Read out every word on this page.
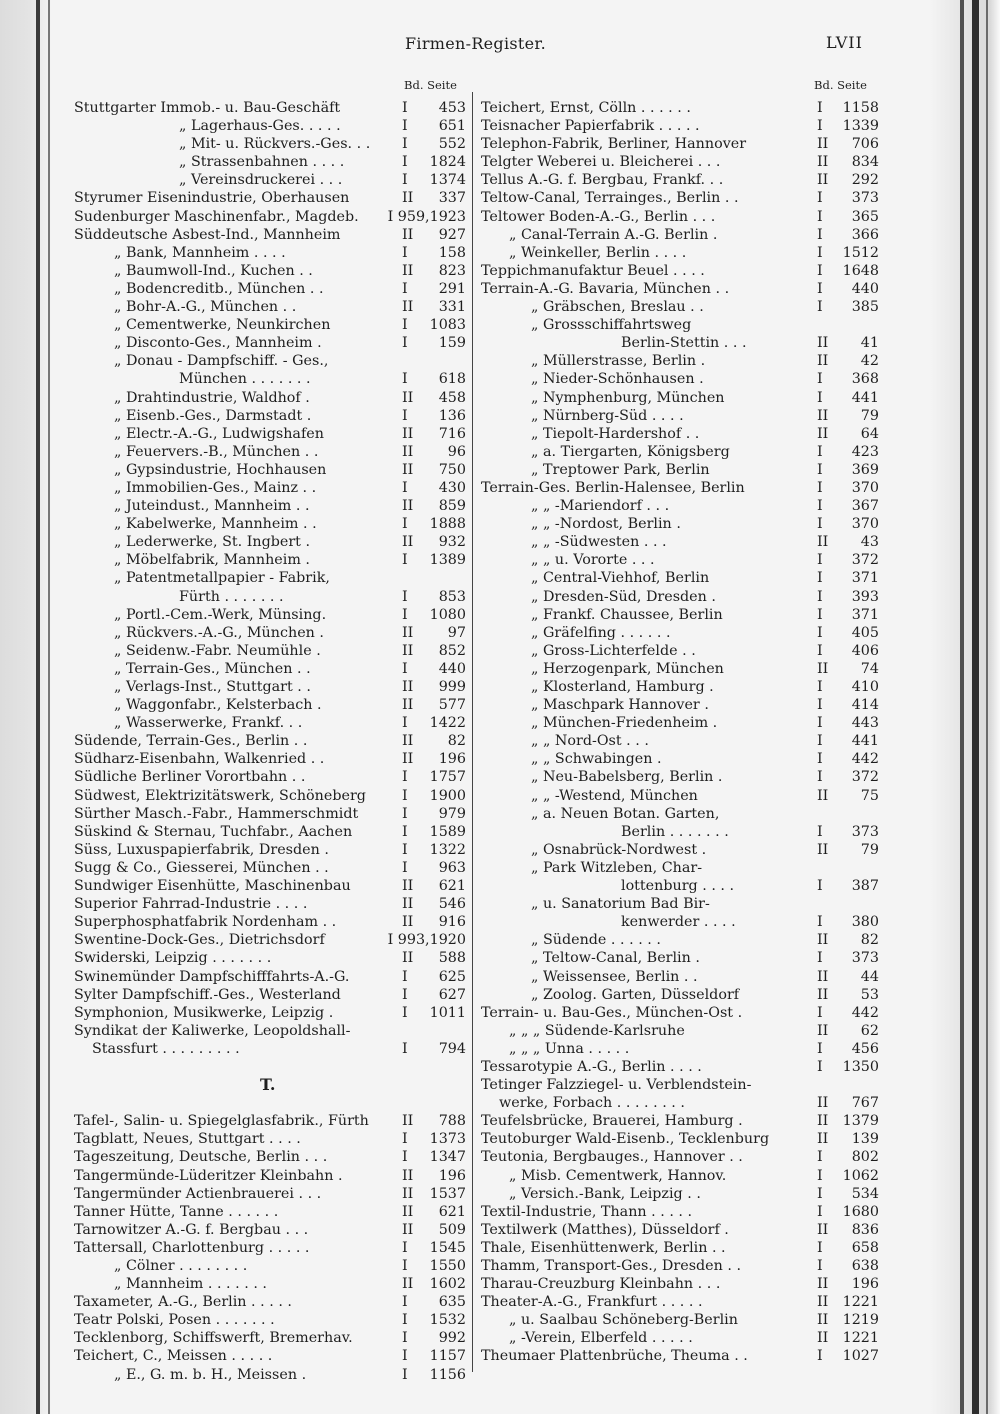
Firmen-Register.	LVII
Bd. Seite	Bd. Seite
Stuttgarter Immob.- u. Bau-Geschäft	I	453
„ Lagerhaus-Ges. . . . .	I	651
„ Mit- u. Rückvers.-Ges. . . I	552
„ Strassenbahnen . . . .	I	1824
„ Vereinsdruckerei . . .	I	1374
Styrumer Eisenindustrie, Oberhausen	II	337
Sudenburger Maschinenfabr., Magdeb.	I 959,1923
Süddeutsche Asbest-Ind., Mannheim	II	927
„ Bank, Mannheim . . . .	I	158
„ Baumwoll-Ind., Kuchen . .	II	823
„ Bodencreditb., München . .	I	291
„ Bohr-A.-G., München . .	II	331
„ Cementwerke, Neunkirchen	I	1083
„ Disconto-Ges., Mannheim .	I	159
„ Donau - Dampfschiff. - Ges.,
München . . . . . . .	I	618
„ Drahtindustrie, Waldhof .	II	458
„ Eisenb.-Ges., Darmstadt .	I	136
„ Electr.-A.-G., Ludwigshafen	II	716
„ Feuervers.-B., München . .	II	96
„ Gypsindustrie, Hochhausen	II	750
„ Immobilien-Ges., Mainz . .	I	430
„ Juteindust., Mannheim . .	II	859
„ Kabelwerke, Mannheim . .	I	1888
„ Lederwerke, St. Ingbert .	II	932
„ Möbelfabrik, Mannheim .	I	1389
„ Patentmetallpapier - Fabrik,
Fürth . . . . . . .	I	853
„ Portl.-Cem.-Werk, Münsing.	I	1080
„ Rückvers.-A.-G., München .	II	97
„ Seidenw.-Fabr. Neumühle .	II	852
„ Terrain-Ges., München . .	I	440
„ Verlags-Inst., Stuttgart . .	II	999
„ Waggonfabr., Kelsterbach .	II	577
„ Wasserwerke, Frankf. . .	I	1422
Südende, Terrain-Ges., Berlin . .	II	82
Südharz-Eisenbahn, Walkenried . .	II	196
Südliche Berliner Vorortbahn . .	I	1757
Südwest, Elektrizitätswerk, Schöneberg	I	1900
Sürther Masch.-Fabr., Hammerschmidt	I	979
Süskind & Sternau, Tuchfabr., Aachen	I	1589
Süss, Luxuspapierfabrik, Dresden .	I	1322
Sugg & Co., Giesserei, München . .	I	963
Sundwiger Eisenhütte, Maschinenbau	II	621
Superior Fahrrad-Industrie . . . .	II	546
Superphosphatfabrik Nordenham . .	II	916
Swentine-Dock-Ges., Dietrichsdorf	I 993,1920
Swiderski, Leipzig . . . . . . .	II	588
Swinemünder Dampfschifffahrts-A.-G.	I	625
Sylter Dampfschiff.-Ges., Westerland	I	627
Symphonion, Musikwerke, Leipzig .	I	1011
Syndikat der Kaliwerke, Leopoldshall-
Stassfurt . . . . . . . . .	I	794
T.
Tafel-, Salin- u. Spiegelglasfabrik., Fürth II	788
Tagblatt, Neues, Stuttgart . . . .	I	1373
Tageszeitung, Deutsche, Berlin . . .	I	1347
Tangermünde-Lüderitzer Kleinbahn .	II	196
Tangermünder Actienbrauerei . . .	II	1537
Tanner Hütte, Tanne . . . . . .	II	621
Tarnowitzer A.-G. f. Bergbau . . .	II	509
Tattersall, Charlottenburg . . . . .	I	1545
„ Cölner . . . . . . . .	I	1550
„ Mannheim . . . . . . .	II	1602
Taxameter, A.-G., Berlin . . . . .	I	635
Teatr Polski, Posen . . . . . . .	I	1532
Tecklenborg, Schiffswerft, Bremerhav.	I	992
Teichert, C., Meissen . . . . .	I	1157
„ E., G. m. b. H., Meissen .	I	1156
Teichert, Ernst, Cölln . . . . . .	I	1158
Teisnacher Papierfabrik . . . . .	I	1339
Telephon-Fabrik, Berliner, Hannover	II	706
Telgter Weberei u. Bleicherei . . .	II	834
Tellus A.-G. f. Bergbau, Frankf. . .	II	292
Teltow-Canal, Terrainges., Berlin . .	I	373
Teltower Boden-A.-G., Berlin . . .	I	365
„ Canal-Terrain A.-G. Berlin .	I	366
„ Weinkeller, Berlin . . . .	I	1512
Teppichmanufaktur Beuel . . . .	I	1648
Terrain-A.-G. Bavaria, München . .	I	440
„ Gräbschen, Breslau . .	I	385
„ Grossschiffahrtsweg
Berlin-Stettin . . .	II	41
„ Müllerstrasse, Berlin .	II	42
„ Nieder-Schönhausen .	I	368
„ Nymphenburg, München	I	441
„ Nürnberg-Süd . . . .	II	79
„ Tiepolt-Hardershof . .	II	64
„ a. Tiergarten, Königsberg	I	423
„ Treptower Park, Berlin	I	369
Terrain-Ges. Berlin-Halensee, Berlin	I	370
„ „ -Mariendorf . . .	I	367
„ „ -Nordost, Berlin .	I	370
„ „ -Südwesten . . .	II	43
„ „ u. Vororte . . .	I	372
„ Central-Viehhof, Berlin	I	371
„ Dresden-Süd, Dresden .	I	393
„ Frankf. Chaussee, Berlin	I	371
„ Gräfelfing . . . . . .	I	405
„ Gross-Lichterfelde . .	I	406
„ Herzogenpark, München	II	74
„ Klosterland, Hamburg .	I	410
„ Maschpark Hannover .	I	414
„ München-Friedenheim .	I	443
„ „ Nord-Ost . . .	I	441
„ „ Schwabingen .	I	442
„ Neu-Babelsberg, Berlin .	I	372
„ „ -Westend, München	II	75
„ a. Neuen Botan. Garten,
Berlin . . . . . . .	I	373
„ Osnabrück-Nordwest .	II	79
„ Park Witzleben, Char-
lottenburg . . . .	I	387
„ u. Sanatorium Bad Bir-
kenwerder . . . .	I	380
„ Südende . . . . . .	II	82
„ Teltow-Canal, Berlin .	I	373
„ Weissensee, Berlin . .	II	44
„ Zoolog. Garten, Düsseldorf	II	53
Terrain- u. Bau-Ges., München-Ost .	I	442
„ „ „ Südende-Karlsruhe	II	62
„ „ „ Unna . . . . .	I	456
Tessarotypie A.-G., Berlin . . . .	I	1350
Tetinger Falzziegel- u. Verblendstein-
werke, Forbach . . . . . . . .	II	767
Teufelsbrücke, Brauerei, Hamburg .	II	1379
Teutoburger Wald-Eisenb., Tecklenburg	II	139
Teutonia, Bergbauges., Hannover . .	I	802
„ Misb. Cementwerk, Hannov.	I	1062
„ Versich.-Bank, Leipzig . .	I	534
Textil-Industrie, Thann . . . . .	I	1680
Textilwerk (Matthes), Düsseldorf .	II	836
Thale, Eisenhüttenwerk, Berlin . .	I	658
Thamm, Transport-Ges., Dresden . .	I	638
Tharau-Creuzburg Kleinbahn . . .	II	196
Theater-A.-G., Frankfurt . . . . .	II	1221
„ u. Saalbau Schöneberg-Berlin	II	1219
„ -Verein, Elberfeld . . . . .	II	1221
Theumaer Plattenbrüche, Theuma . .	I	1027
